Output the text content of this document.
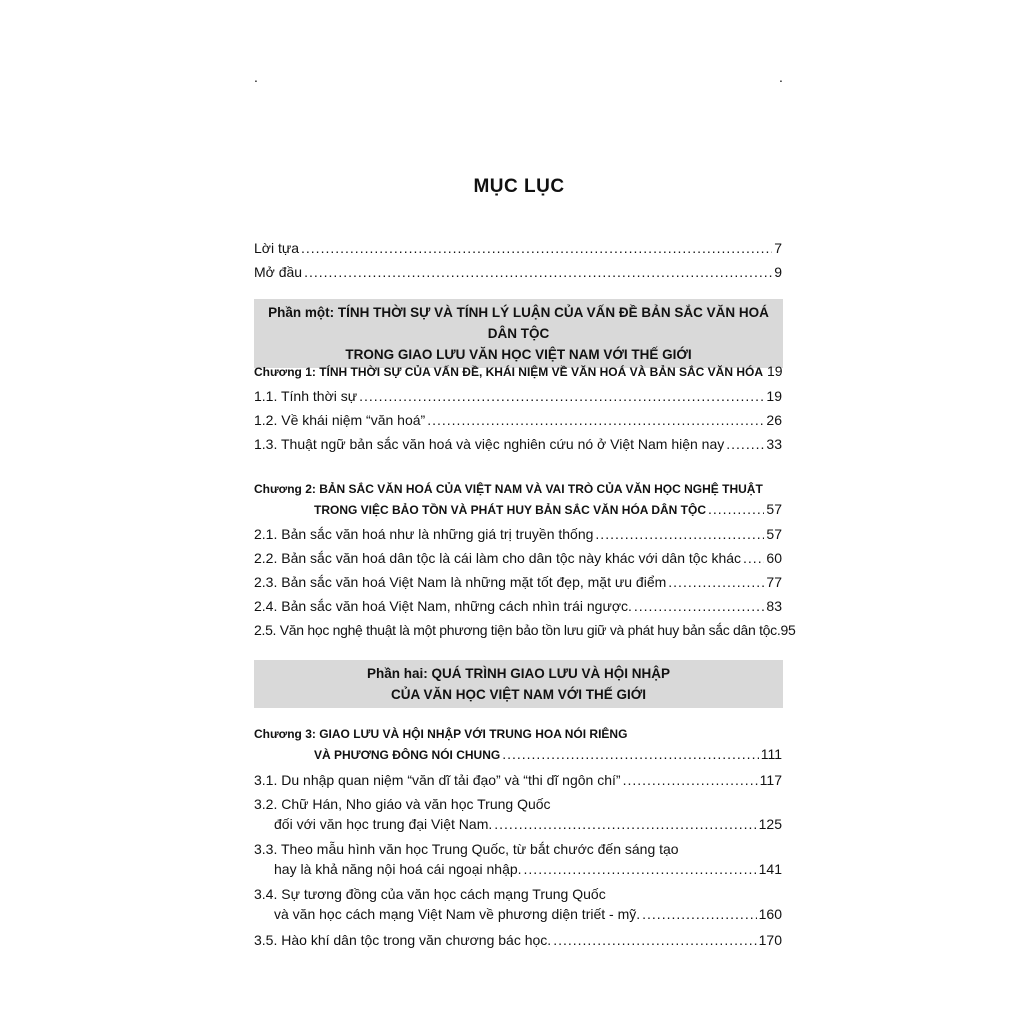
.	.
MỤC LỤC
Lời tựa .....	7
Mở đầu .....	9
Phần một: TÍNH THỜI SỰ VÀ TÍNH LÝ LUẬN CỦA VẤN ĐỀ BẢN SẮC VĂN HOÁ DÂN TỘC
TRONG GIAO LƯU VĂN HỌC VIỆT NAM VỚI THẾ GIỚI
Chương 1: TÍNH THỜI SỰ CỦA VẤN ĐỀ, KHÁI NIỆM VỀ VĂN HOÁ VÀ BẢN SẮC VĂN HÓA 19
1.1. Tính thời sự .....	19
1.2. Về khái niệm “văn hoá” .....	26
1.3. Thuật ngữ bản sắc văn hoá và việc nghiên cứu nó ở Việt Nam hiện nay .....	33
Chương 2: BẢN SẮC VĂN HOÁ CỦA VIỆT NAM VÀ VAI TRÒ CỦA VĂN HỌC NGHỆ THUẬT
TRONG VIỆC BẢO TỒN VÀ PHÁT HUY BẢN SẮC VĂN HÓA DÂN TỘC .....	57
2.1. Bản sắc văn hoá như là những giá trị truyền thống .....	57
2.2. Bản sắc văn hoá dân tộc là cái làm cho dân tộc này khác với dân tộc khác ..... 60
2.3. Bản sắc văn hoá Việt Nam là những mặt tốt đẹp, mặt ưu điểm .....	77
2.4. Bản sắc văn hoá Việt Nam, những cách nhìn trái ngược. .....	83
2.5. Văn học nghệ thuật là một phương tiện bảo tồn lưu giữ và phát huy bản sắc dân tộc. 95
Phần hai: QUÁ TRÌNH GIAO LƯU VÀ HỘI NHẬP
CỦA VĂN HỌC VIỆT NAM VỚI THẾ GIỚI
Chương 3: GIAO LƯU VÀ HỘI NHẬP VỚI TRUNG HOA NÓI RIÊNG
VÀ PHƯƠNG ĐÔNG NÓI CHUNG .....	111
3.1. Du nhập quan niệm “văn dĩ tải đạo” và “thi dĩ ngôn chí” .....	117
3.2. Chữ Hán, Nho giáo và văn học Trung Quốc
đối với văn học trung đại Việt Nam. .....	125
3.3. Theo mẫu hình văn học Trung Quốc, từ bắt chước đến sáng tạo
hay là khả năng nội hoá cái ngoại nhập. .....	141
3.4. Sự tương đồng của văn học cách mạng Trung Quốc
và văn học cách mạng Việt Nam về phương diện triết - mỹ. .....	160
3.5. Hào khí dân tộc trong văn chương bác học. .....	170
